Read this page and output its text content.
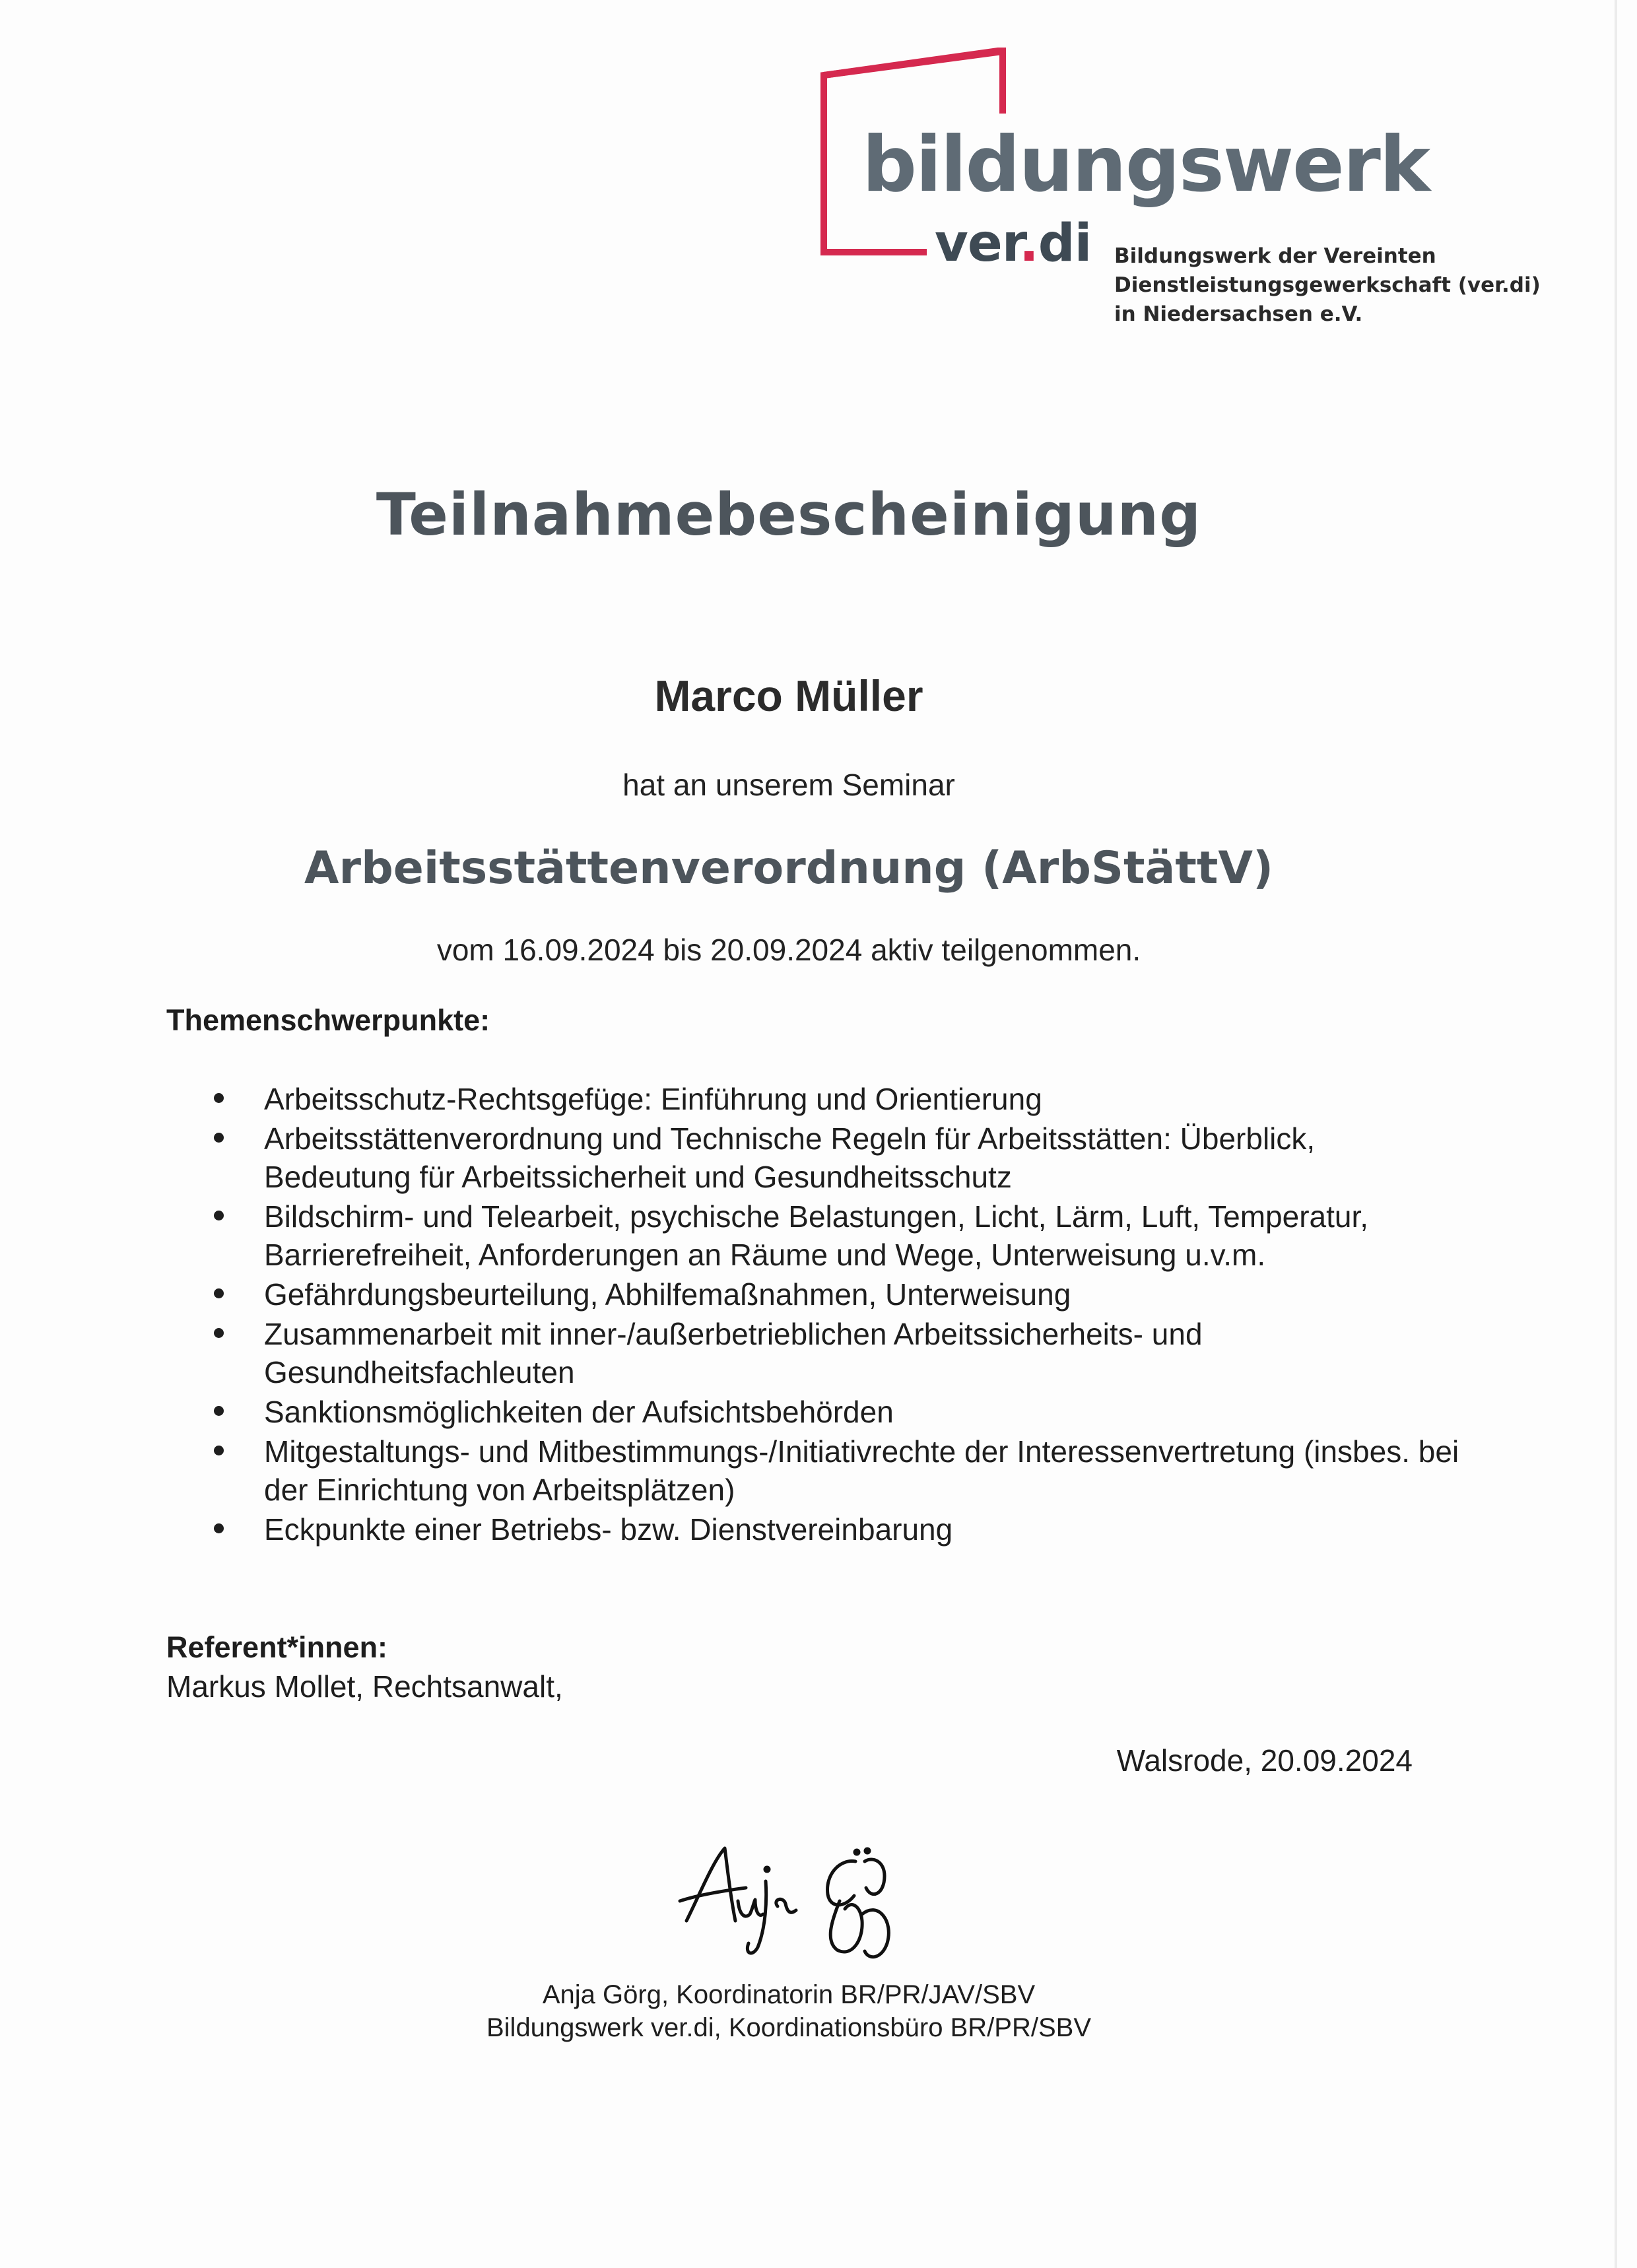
bildungswerk
ver.di Bildungswerk der Vereinten
Dienstleistungsgewerkschaft (ver.di)
in Niedersachsen e.V.
Teilnahmebescheinigung
Marco Müller
hat an unserem Seminar
Arbeitsstättenverordnung (ArbStättV)
vom 16.09.2024 bis 20.09.2024 aktiv teilgenommen.
Themenschwerpunkte:
Arbeitsschutz-Rechtsgefüge: Einführung und Orientierung
Arbeitsstättenverordnung und Technische Regeln für Arbeitsstätten: Überblick, Bedeutung für Arbeitssicherheit und Gesundheitsschutz
Bildschirm- und Telearbeit, psychische Belastungen, Licht, Lärm, Luft, Temperatur, Barrierefreiheit, Anforderungen an Räume und Wege, Unterweisung u.v.m.
Gefährdungsbeurteilung, Abhilfemaßnahmen, Unterweisung
Zusammenarbeit mit inner-/außerbetrieblichen Arbeitssicherheits- und Gesundheitsfachleuten
Sanktionsmöglichkeiten der Aufsichtsbehörden
Mitgestaltungs- und Mitbestimmungs-/Initiativrechte der Interessenvertretung (insbes. bei der Einrichtung von Arbeitsplätzen)
Eckpunkte einer Betriebs- bzw. Dienstvereinbarung
Referent*innen:
Markus Mollet, Rechtsanwalt,
Walsrode, 20.09.2024
Anja Görg, Koordinatorin BR/PR/JAV/SBV
Bildungswerk ver.di, Koordinationsbüro BR/PR/SBV
